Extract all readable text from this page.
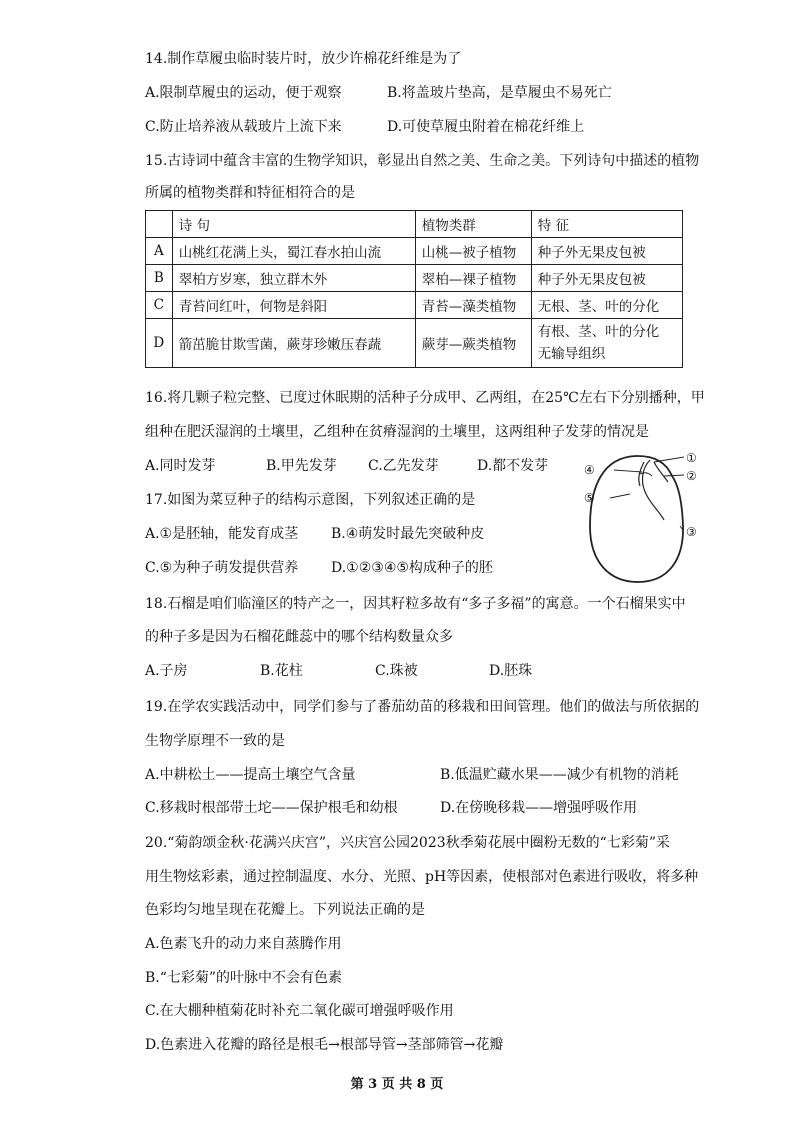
14.制作草履虫临时装片时，放少许棉花纤维是为了
A.限制草履虫的运动，便于观察	B.将盖玻片垫高，是草履虫不易死亡
C.防止培养液从载玻片上流下来	D.可使草履虫附着在棉花纤维上
15.古诗词中蕴含丰富的生物学知识，彰显出自然之美、生命之美。下列诗句中描述的植物
所属的植物类群和特征相符合的是
	诗 句	植物类群	特 征
A	山桃红花满上头，蜀江春水拍山流	山桃—被子植物	种子外无果皮包被
B	翠柏方岁寒，独立群木外	翠柏—裸子植物	种子外无果皮包被
C	青苔问红叶，何物是斜阳	青苔—藻类植物	无根、茎、叶的分化
D	箭茁脆甘欺雪菌，蕨芽珍嫩压春蔬	蕨芽—蕨类植物	有根、茎、叶的分化
无输导组织
16.将几颗子粒完整、已度过休眠期的活种子分成甲、乙两组，在25℃左右下分别播种，甲
组种在肥沃湿润的土壤里，乙组种在贫瘠湿润的土壤里，这两组种子发芽的情况是
A.同时发芽	B.甲先发芽 C.乙先发芽	D.都不发芽
17.如图为菜豆种子的结构示意图，下列叙述正确的是
A.①是胚轴，能发育成茎 B.④萌发时最先突破种皮
C.⑤为种子萌发提供营养 D.①②③④⑤构成种子的胚
①
②
③
④
⑤
18.石榴是咱们临潼区的特产之一，因其籽粒多故有“多子多福”的寓意。一个石榴果实中
的种子多是因为石榴花雌蕊中的哪个结构数量众多
A.子房	B.花柱	C.珠被	D.胚珠
19.在学农实践活动中，同学们参与了番茄幼苗的移栽和田间管理。他们的做法与所依据的
生物学原理不一致的是
A.中耕松土——提高土壤空气含量	B.低温贮藏水果——减少有机物的消耗
C.移栽时根部带土坨——保护根毛和幼根	D.在傍晚移栽——增强呼吸作用
20.“菊韵颂金秋·花满兴庆宫”，兴庆宫公园2023秋季菊花展中圈粉无数的“七彩菊”采
用生物炫彩素，通过控制温度、水分、光照、pH等因素，使根部对色素进行吸收，将多种
色彩均匀地呈现在花瓣上。下列说法正确的是
A.色素飞升的动力来自蒸腾作用
B.“七彩菊”的叶脉中不会有色素
C.在大棚种植菊花时补充二氧化碳可增强呼吸作用
D.色素进入花瓣的路径是根毛→根部导管→茎部筛管→花瓣
第 3 页 共 8 页
